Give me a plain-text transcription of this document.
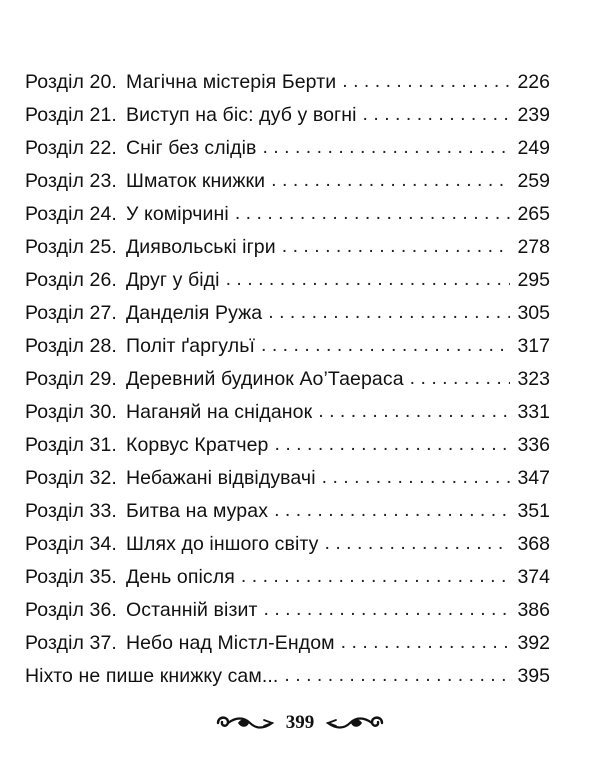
Розділ 20. Магічна містерія Берти . . .	226
Розділ 21. Виступ на біс: дуб у вогні . . .	239
Розділ 22. Сніг без слідів . . .	249
Розділ 23. Шматок книжки . . .	259
Розділ 24. У комірчині . . .	265
Розділ 25. Диявольські ігри . . .	278
Розділ 26. Друг у біді . . .	295
Розділ 27. Данделія Ружа . . .	305
Розділ 28. Політ ґаргульї . . .	317
Розділ 29. Деревний будинок Ао’Таераса . . .	323
Розділ 30. Наганяй на сніданок . . .	331
Розділ 31. Корвус Кратчер . . .	336
Розділ 32. Небажані відвідувачі . . .	347
Розділ 33. Битва на мурах . . .	351
Розділ 34. Шлях до іншого світу . . .	368
Розділ 35. День опісля . . .	374
Розділ 36. Останній візит . . .	386
Розділ 37. Небо над Містл-Ендом . . .	392
Ніхто не пише книжку сам... . . .	395
399
